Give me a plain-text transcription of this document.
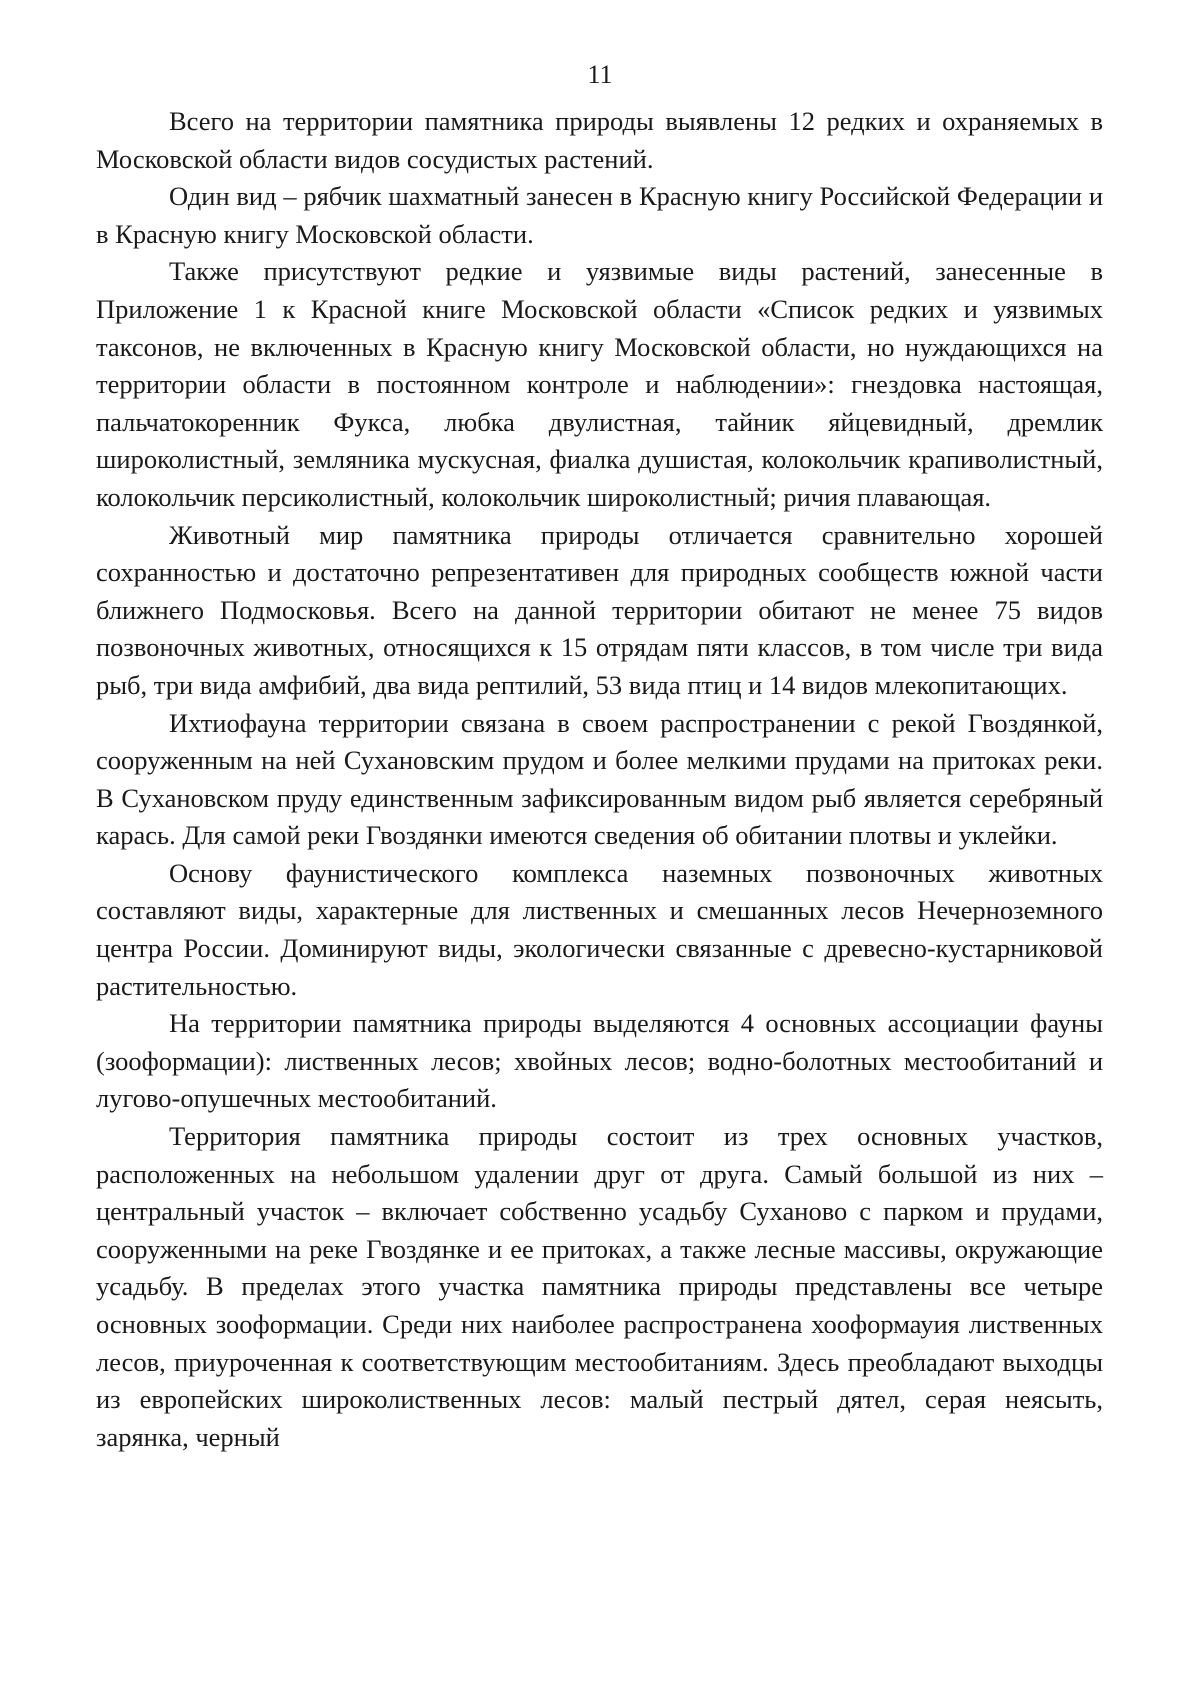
11

Всего на территории памятника природы выявлены 12 редких и охраняемых в Московской области видов сосудистых растений.

Один вид – рябчик шахматный занесен в Красную книгу Российской Федерации и в Красную книгу Московской области.

Также присутствуют редкие и уязвимые виды растений, занесенные в Приложение 1 к Красной книге Московской области «Список редких и уязвимых таксонов, не включенных в Красную книгу Московской области, но нуждающихся на территории области в постоянном контроле и наблюдении»: гнездовка настоящая, пальчатокоренник Фукса, любка двулистная, тайник яйцевидный, дремлик широколистный, земляника мускусная, фиалка душистая, колокольчик крапиволистный, колокольчик персиколистный, колокольчик широколистный; ричия плавающая.

Животный мир памятника природы отличается сравнительно хорошей сохранностью и достаточно репрезентативен для природных сообществ южной части ближнего Подмосковья. Всего на данной территории обитают не менее 75 видов позвоночных животных, относящихся к 15 отрядам пяти классов, в том числе три вида рыб, три вида амфибий, два вида рептилий, 53 вида птиц и 14 видов млекопитающих.

Ихтиофауна территории связана в своем распространении с рекой Гвоздянкой, сооруженным на ней Сухановским прудом и более мелкими прудами на притоках реки. В Сухановском пруду единственным зафиксированным видом рыб является серебряный карась. Для самой реки Гвоздянки имеются сведения об обитании плотвы и уклейки.

Основу фаунистического комплекса наземных позвоночных животных составляют виды, характерные для лиственных и смешанных лесов Нечерноземного центра России. Доминируют виды, экологически связанные с древесно-кустарниковой растительностью.

На территории памятника природы выделяются 4 основных ассоциации фауны (зооформации): лиственных лесов; хвойных лесов; водно-болотных местообитаний и лугово-опушечных местообитаний.

Территория памятника природы состоит из трех основных участков, расположенных на небольшом удалении друг от друга. Самый большой из них – центральный участок – включает собственно усадьбу Суханово с парком и прудами, сооруженными на реке Гвоздянке и ее притоках, а также лесные массивы, окружающие усадьбу. В пределах этого участка памятника природы представлены все четыре основных зооформации. Среди них наиболее распространена хооформауия лиственных лесов, приуроченная к соответствующим местообитаниям. Здесь преобладают выходцы из европейских широколиственных лесов: малый пестрый дятел, серая неясыть, зарянка, черный
